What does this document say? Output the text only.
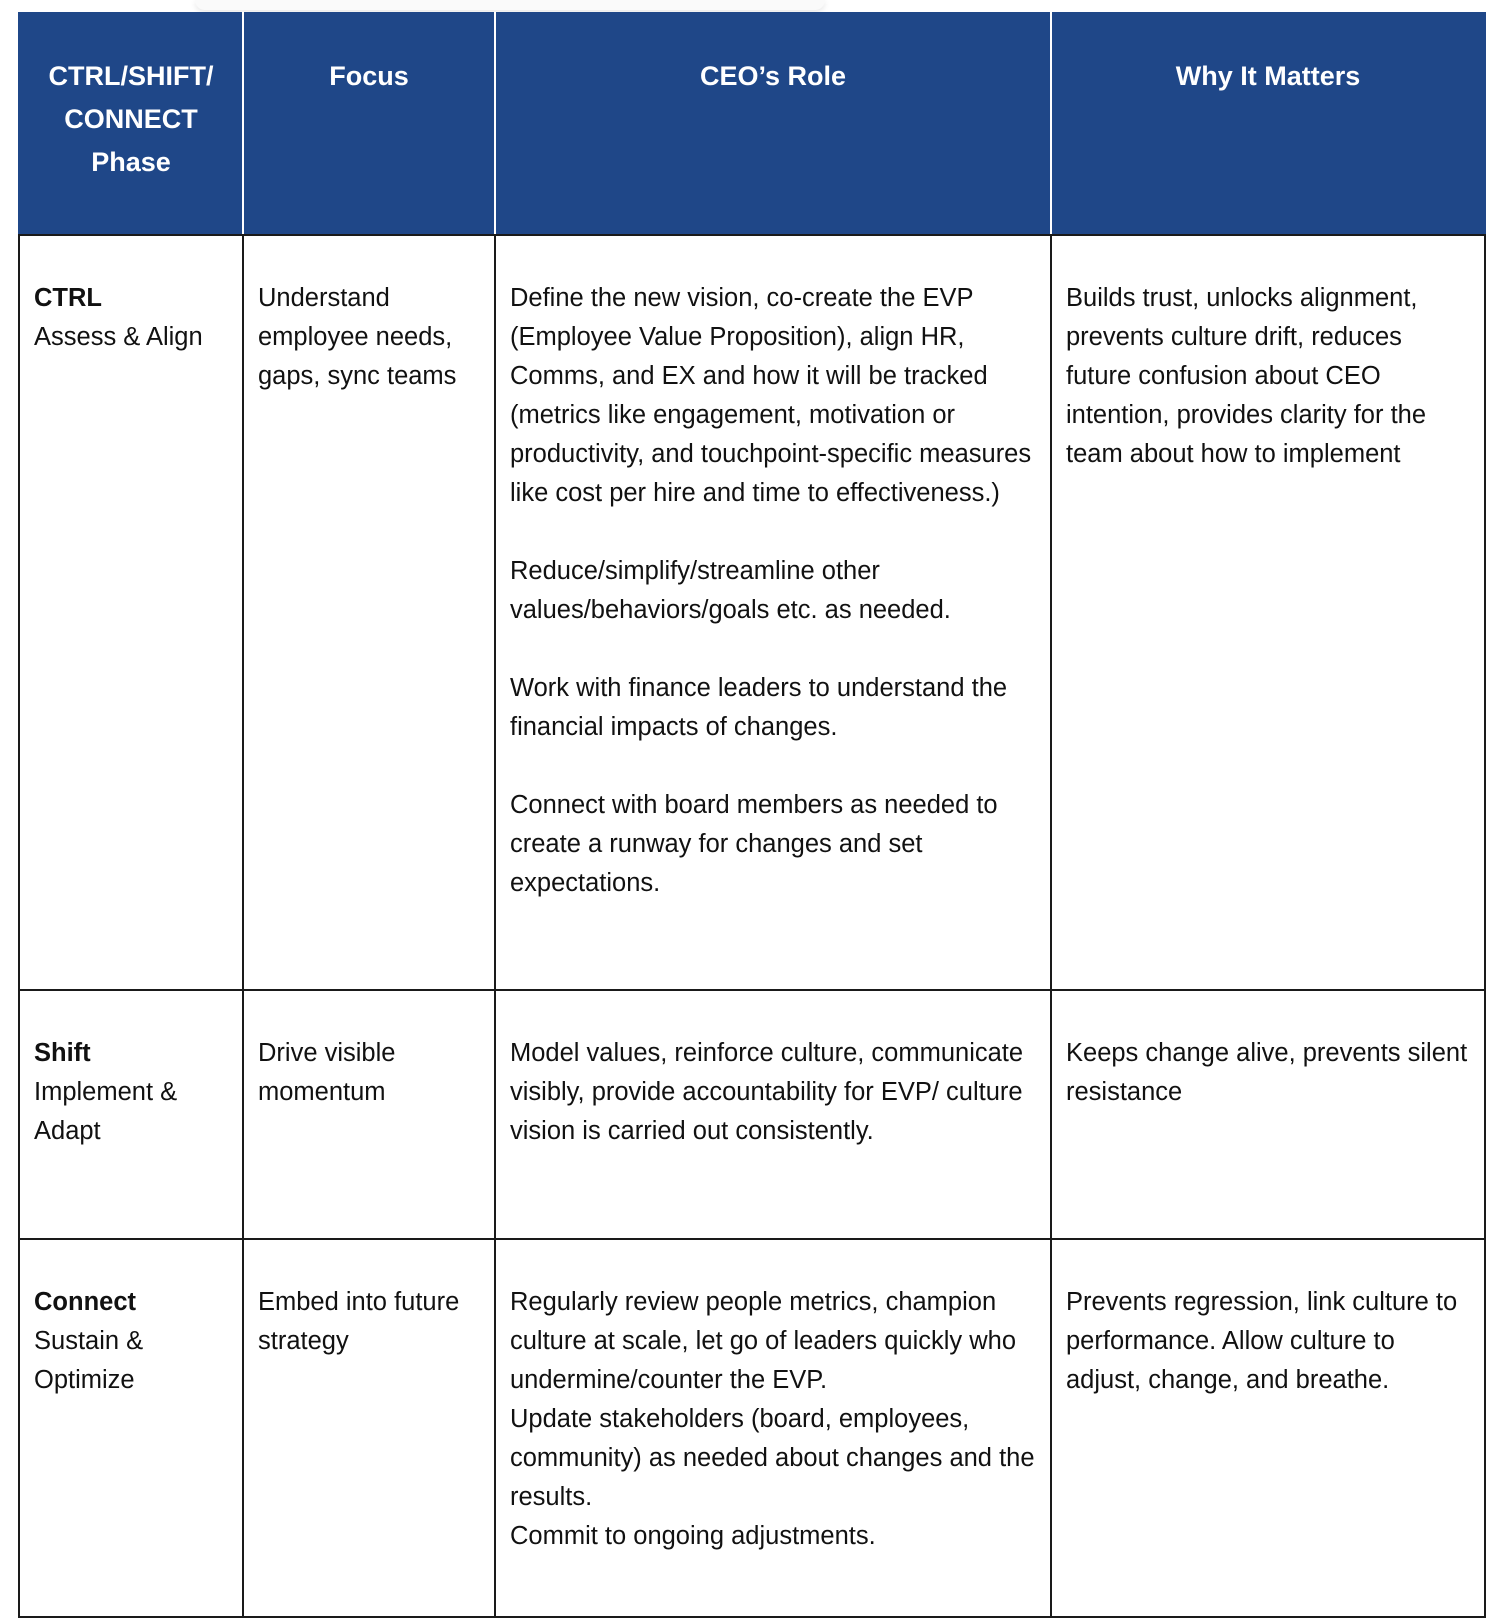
CTRL/SHIFT/ CONNECT Phase	Focus	CEO’s Role	Why It Matters

CTRL
Assess & Align	Understand employee needs, gaps, sync teams	Define the new vision, co-create the EVP (Employee Value Proposition), align HR, Comms, and EX and how it will be tracked (metrics like engagement, motivation or productivity, and touchpoint-specific measures like cost per hire and time to effectiveness.)
Reduce/simplify/streamline other values/behaviors/goals etc. as needed.
Work with finance leaders to understand the financial impacts of changes.
Connect with board members as needed to create a runway for changes and set expectations.	Builds trust, unlocks alignment, prevents culture drift, reduces future confusion about CEO intention, provides clarity for the team about how to implement

Shift
Implement & Adapt	Drive visible momentum	Model values, reinforce culture, communicate visibly, provide accountability for EVP/ culture vision is carried out consistently.	Keeps change alive, prevents silent resistance

Connect
Sustain & Optimize	Embed into future strategy	Regularly review people metrics, champion culture at scale, let go of leaders quickly who undermine/counter the EVP.
Update stakeholders (board, employees, community) as needed about changes and the results.
Commit to ongoing adjustments.	Prevents regression, link culture to performance. Allow culture to adjust, change, and breathe.
